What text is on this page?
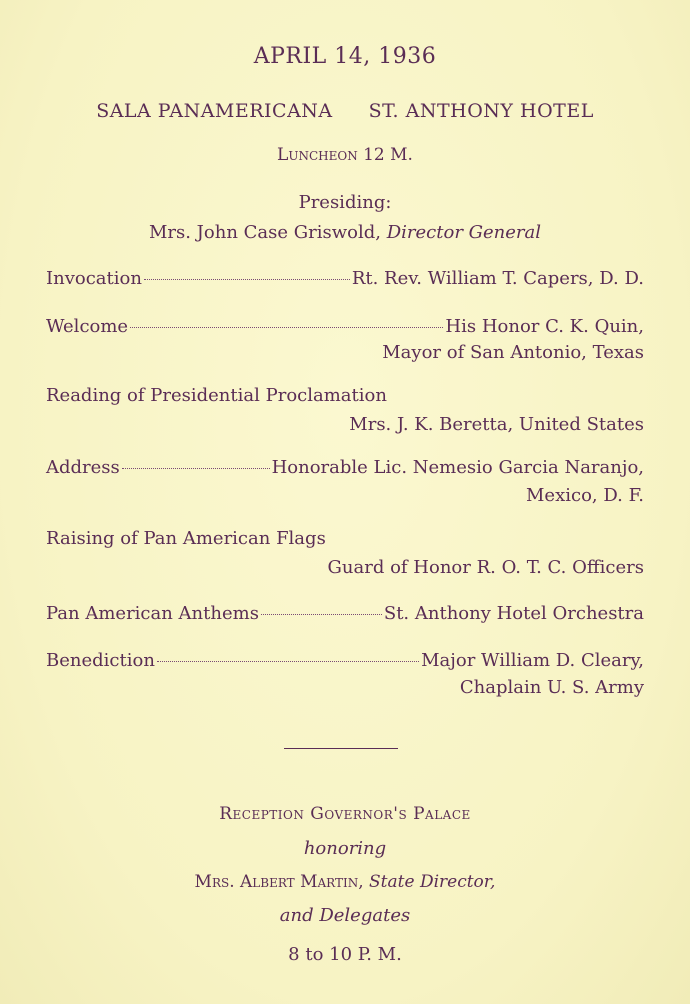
APRIL 14, 1936
SALA PANAMERICANA ST. ANTHONY HOTEL
Luncheon 12 M.
Presiding:
Mrs. John Case Griswold, Director General
Invocation	Rt. Rev. William T. Capers, D. D.
Welcome	His Honor C. K. Quin,
Mayor of San Antonio, Texas
Reading of Presidential Proclamation
Mrs. J. K. Beretta, United States
Address	Honorable Lic. Nemesio Garcia Naranjo,
Mexico, D. F.
Raising of Pan American Flags
Guard of Honor R. O. T. C. Officers
Pan American Anthems	St. Anthony Hotel Orchestra
Benediction	Major William D. Cleary,
Chaplain U. S. Army
Reception Governor's Palace
honoring
Mrs. Albert Martin, State Director,
and Delegates
8 to 10 P. M.
